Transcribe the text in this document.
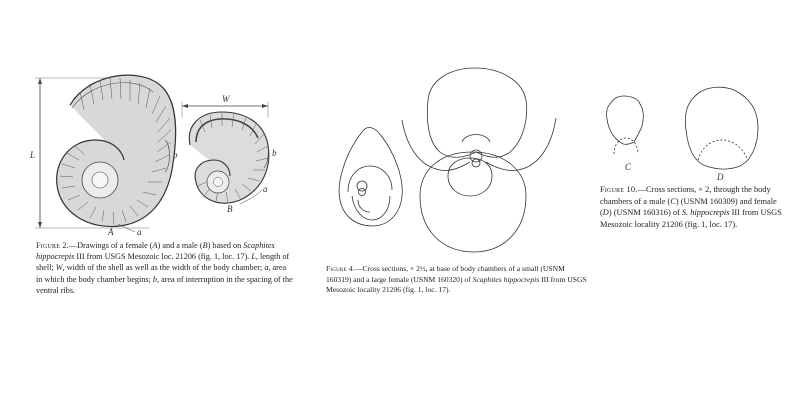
L
W
A
B
b
a
b
a
Figure 2.—Drawings of a female (A) and a male (B) based on Scaphites hippocrepis III from USGS Mesozoic loc. 21206 (fig. 1, loc. 17). L, length of shell; W, width of the shell as well as the width of the body chamber; a, area in which the body chamber begins; b, area of interruption in the spacing of the ventral ribs.
Figure 4.—Cross sections, × 2½, at base of body chambers of a small (USNM 160319) and a large female (USNM 160320) of Scaphites hippocrepis III from USGS Mesozoic locality 21206 (fig. 1, loc. 17).
Figure 10.—Cross sections, × 2, through the body chambers of a male (C) (USNM 160309) and female (D) (USNM 160316) of S. hippocrepis III from USGS Mesozoic locality 21206 (fig. 1, loc. 17).
C
D
